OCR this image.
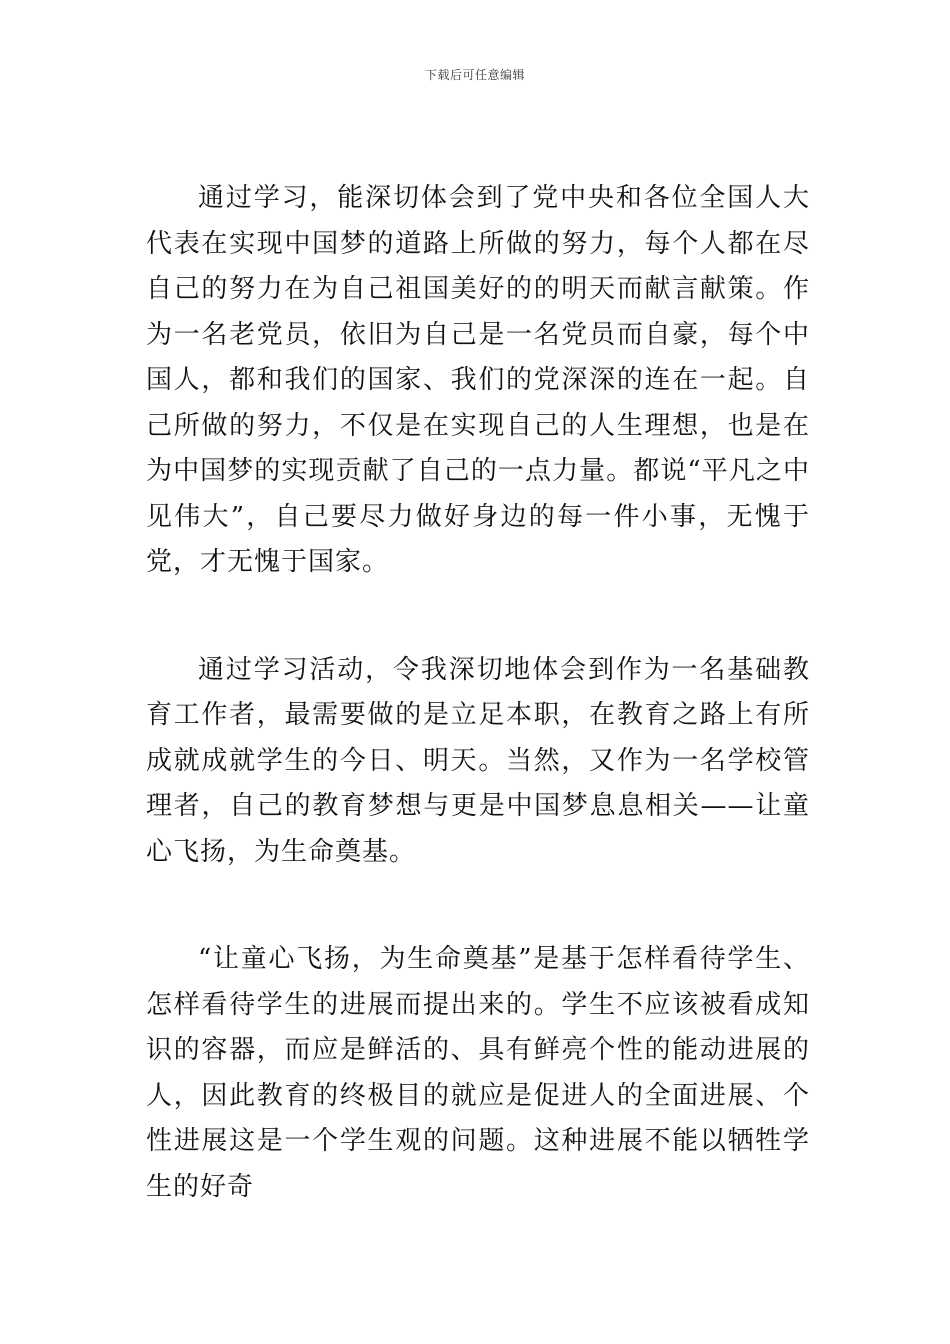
下载后可任意编辑

通过学习，能深切体会到了党中央和各位全国人大代表在实现中国梦的道路上所做的努力，每个人都在尽自己的努力在为自己祖国美好的的明天而献言献策。作为一名老党员，依旧为自己是一名党员而自豪，每个中国人，都和我们的国家、我们的党深深的连在一起。自己所做的努力，不仅是在实现自己的人生理想，也是在为中国梦的实现贡献了自己的一点力量。都说“平凡之中见伟大”，自己要尽力做好身边的每一件小事，无愧于党，才无愧于国家。

通过学习活动，令我深切地体会到作为一名基础教育工作者，最需要做的是立足本职，在教育之路上有所成就成就学生的今日、明天。当然，又作为一名学校管理者，自己的教育梦想与更是中国梦息息相关——让童心飞扬，为生命奠基。

“让童心飞扬，为生命奠基”是基于怎样看待学生、怎样看待学生的进展而提出来的。学生不应该被看成知识的容器，而应是鲜活的、具有鲜亮个性的能动进展的人，因此教育的终极目的就应是促进人的全面进展、个性进展这是一个学生观的问题。这种进展不能以牺牲学生的好奇
